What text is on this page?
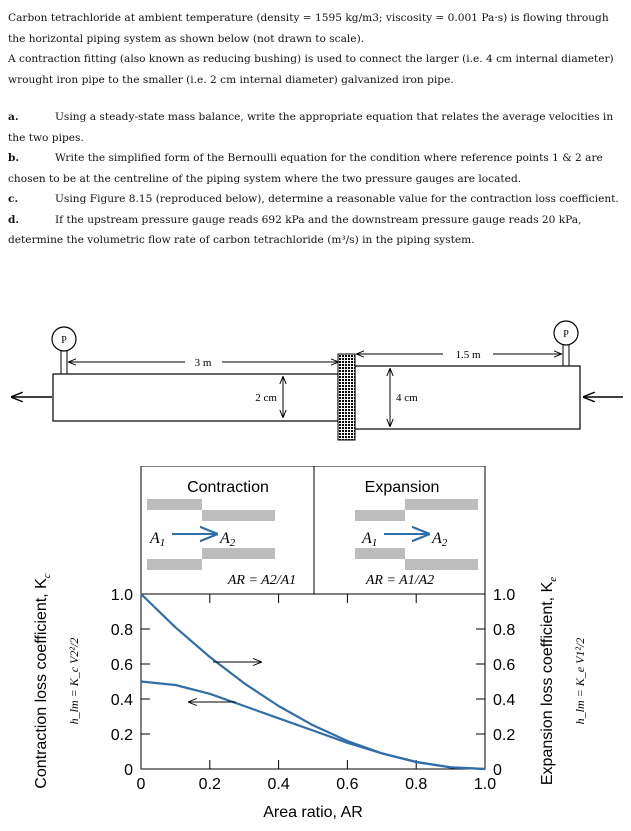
Carbon tetrachloride at ambient temperature (density = 1595 kg/m3; viscosity = 0.001 Pa·s) is flowing through the horizontal piping system as shown below (not drawn to scale).

A contraction fitting (also known as reducing bushing) is used to connect the larger (i.e. 4 cm internal diameter) wrought iron pipe to the smaller (i.e. 2 cm internal diameter) galvanized iron pipe.

a.	Using a steady-state mass balance, write the appropriate equation that relates the average velocities in the two pipes.

b.	Write the simplified form of the Bernoulli equation for the condition where reference points 1 & 2 are chosen to be at the centreline of the piping system where the two pressure gauges are located.

c.	Using Figure 8.15 (reproduced below), determine a reasonable value for the contraction loss coefficient.

d.	If the upstream pressure gauge reads 692 kPa and the downstream pressure gauge reads 20 kPa, determine the volumetric flow rate of carbon tetrachloride (m³/s) in the piping system.

P
P
3 m
1.5 m
2 cm	4 cm
Contraction
A1	A2
AR = A2/A1
Expansion
A1	A2
AR = A1/A2
0
0.2
0.4
0.6
0.8
1.0
0
0.2
0.4
0.6
0.8
1.0
0	0.2	0.4	0.6	0.8	1.0
Area ratio, AR
Contraction loss coefficient, $K_c$
h_lm = K_c V2²/2	Expansion loss coefficient, $K_e$
h_lm = K_e V1²/2
